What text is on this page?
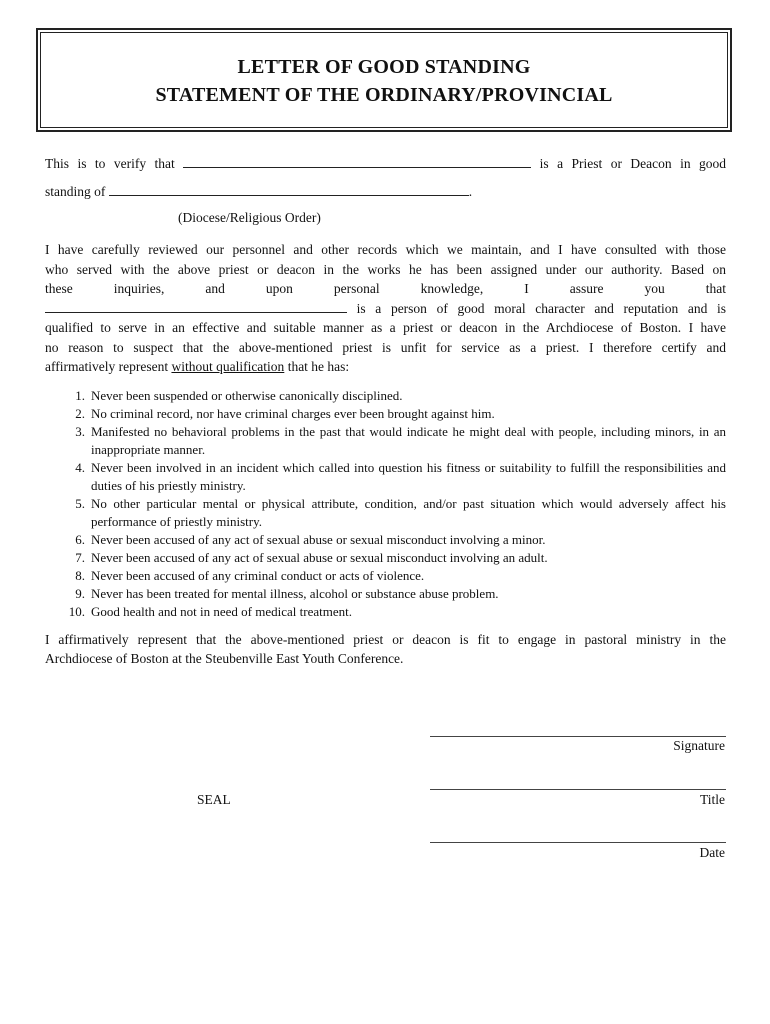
LETTER OF GOOD STANDING
STATEMENT OF THE ORDINARY/PROVINCIAL
This is to verify that	is a Priest or Deacon in good
standing of	.
(Diocese/Religious Order)
I have carefully reviewed our personnel and other records which we maintain, and I have consulted with those
who served with the above priest or deacon in the works he has been assigned under our authority. Based on
these	inquiries,	and	upon	personal	knowledge,	I	assure	you	that
is a person of good moral character and reputation and is
qualified to serve in an effective and suitable manner as a priest or deacon in the Archdiocese of Boston. I have
no reason to suspect that the above-mentioned priest is unfit for service as a priest. I therefore certify and
affirmatively represent without qualification that he has:
1. Never been suspended or otherwise canonically disciplined.
2. No criminal record, nor have criminal charges ever been brought against him.
3. Manifested no behavioral problems in the past that would indicate he might deal with people, including minors, in an inappropriate manner.
4. Never been involved in an incident which called into question his fitness or suitability to fulfill the responsibilities and duties of his priestly ministry.
5. No other particular mental or physical attribute, condition, and/or past situation which would adversely affect his performance of priestly ministry.
6. Never been accused of any act of sexual abuse or sexual misconduct involving a minor.
7. Never been accused of any act of sexual abuse or sexual misconduct involving an adult.
8. Never been accused of any criminal conduct or acts of violence.
9. Never has been treated for mental illness, alcohol or substance abuse problem.
10. Good health and not in need of medical treatment.
I affirmatively represent that the above-mentioned priest or deacon is fit to engage in pastoral ministry in the
Archdiocese of Boston at the Steubenville East Youth Conference.
Signature
Title
SEAL
Date
